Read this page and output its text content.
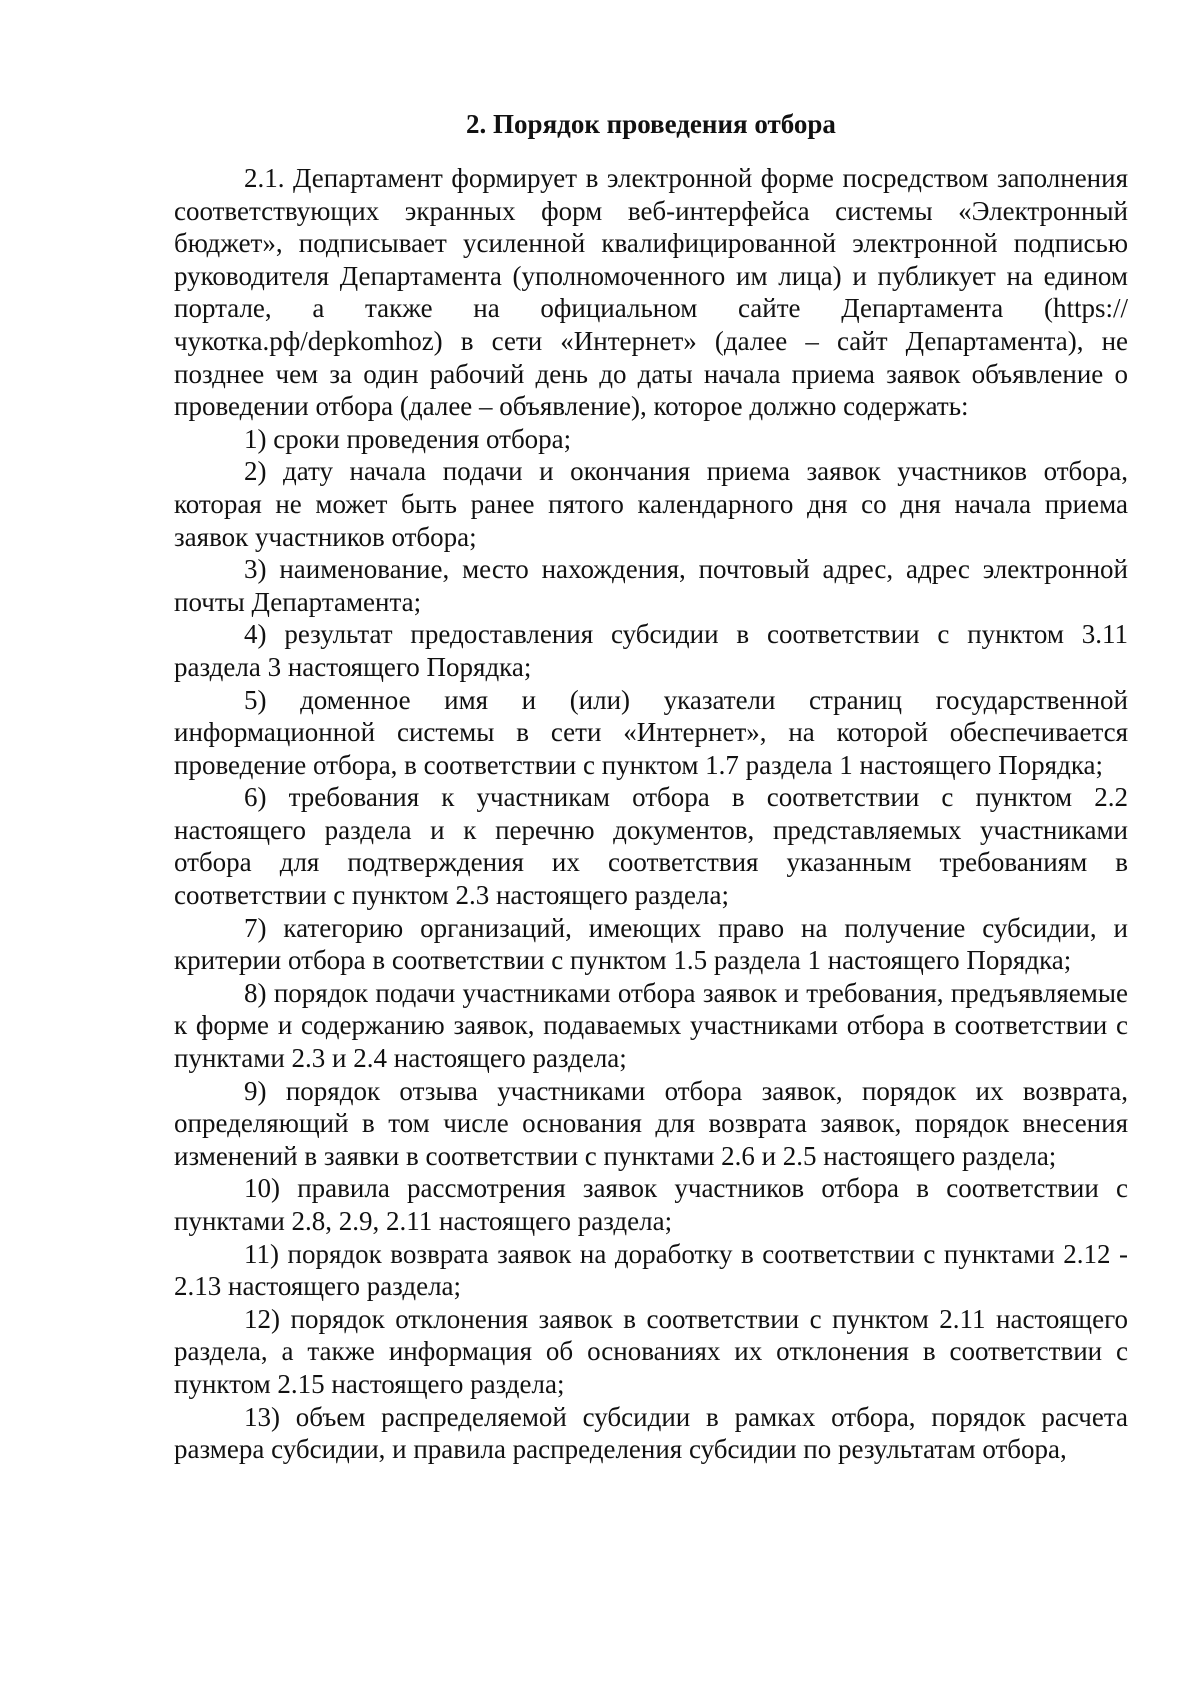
2. Порядок проведения отбора

2.1. Департамент формирует в электронной форме посредством заполнения соответствующих экранных форм веб-интерфейса системы «Электронный бюджет», подписывает усиленной квалифицированной электронной подписью руководителя Департамента (уполномоченного им лица) и публикует на едином портале, а также на официальном сайте Департамента (https://чукотка.рф/depkomhoz) в сети «Интернет» (далее – сайт Департамента), не позднее чем за один рабочий день до даты начала приема заявок объявление о проведении отбора (далее – объявление), которое должно содержать:

1) сроки проведения отбора;

2) дату начала подачи и окончания приема заявок участников отбора, которая не может быть ранее пятого календарного дня со дня начала приема заявок участников отбора;

3) наименование, место нахождения, почтовый адрес, адрес электронной почты Департамента;

4) результат предоставления субсидии в соответствии с пунктом 3.11 раздела 3 настоящего Порядка;

5) доменное имя и (или) указатели страниц государственной информационной системы в сети «Интернет», на которой обеспечивается проведение отбора, в соответствии с пунктом 1.7 раздела 1 настоящего Порядка;

6) требования к участникам отбора в соответствии с пунктом 2.2 настоящего раздела и к перечню документов, представляемых участниками отбора для подтверждения их соответствия указанным требованиям в соответствии с пунктом 2.3 настоящего раздела;

7) категорию организаций, имеющих право на получение субсидии, и критерии отбора в соответствии с пунктом 1.5 раздела 1 настоящего Порядка;

8) порядок подачи участниками отбора заявок и требования, предъявляемые к форме и содержанию заявок, подаваемых участниками отбора в соответствии с пунктами 2.3 и 2.4 настоящего раздела;

9) порядок отзыва участниками отбора заявок, порядок их возврата, определяющий в том числе основания для возврата заявок, порядок внесения изменений в заявки в соответствии с пунктами 2.6 и 2.5 настоящего раздела;

10) правила рассмотрения заявок участников отбора в соответствии с пунктами 2.8, 2.9, 2.11 настоящего раздела;

11) порядок возврата заявок на доработку в соответствии с пунктами 2.12 - 2.13 настоящего раздела;

12) порядок отклонения заявок в соответствии с пунктом 2.11 настоящего раздела, а также информация об основаниях их отклонения в соответствии с пунктом 2.15 настоящего раздела;

13) объем распределяемой субсидии в рамках отбора, порядок расчета размера субсидии, и правила распределения субсидии по результатам отбора,
